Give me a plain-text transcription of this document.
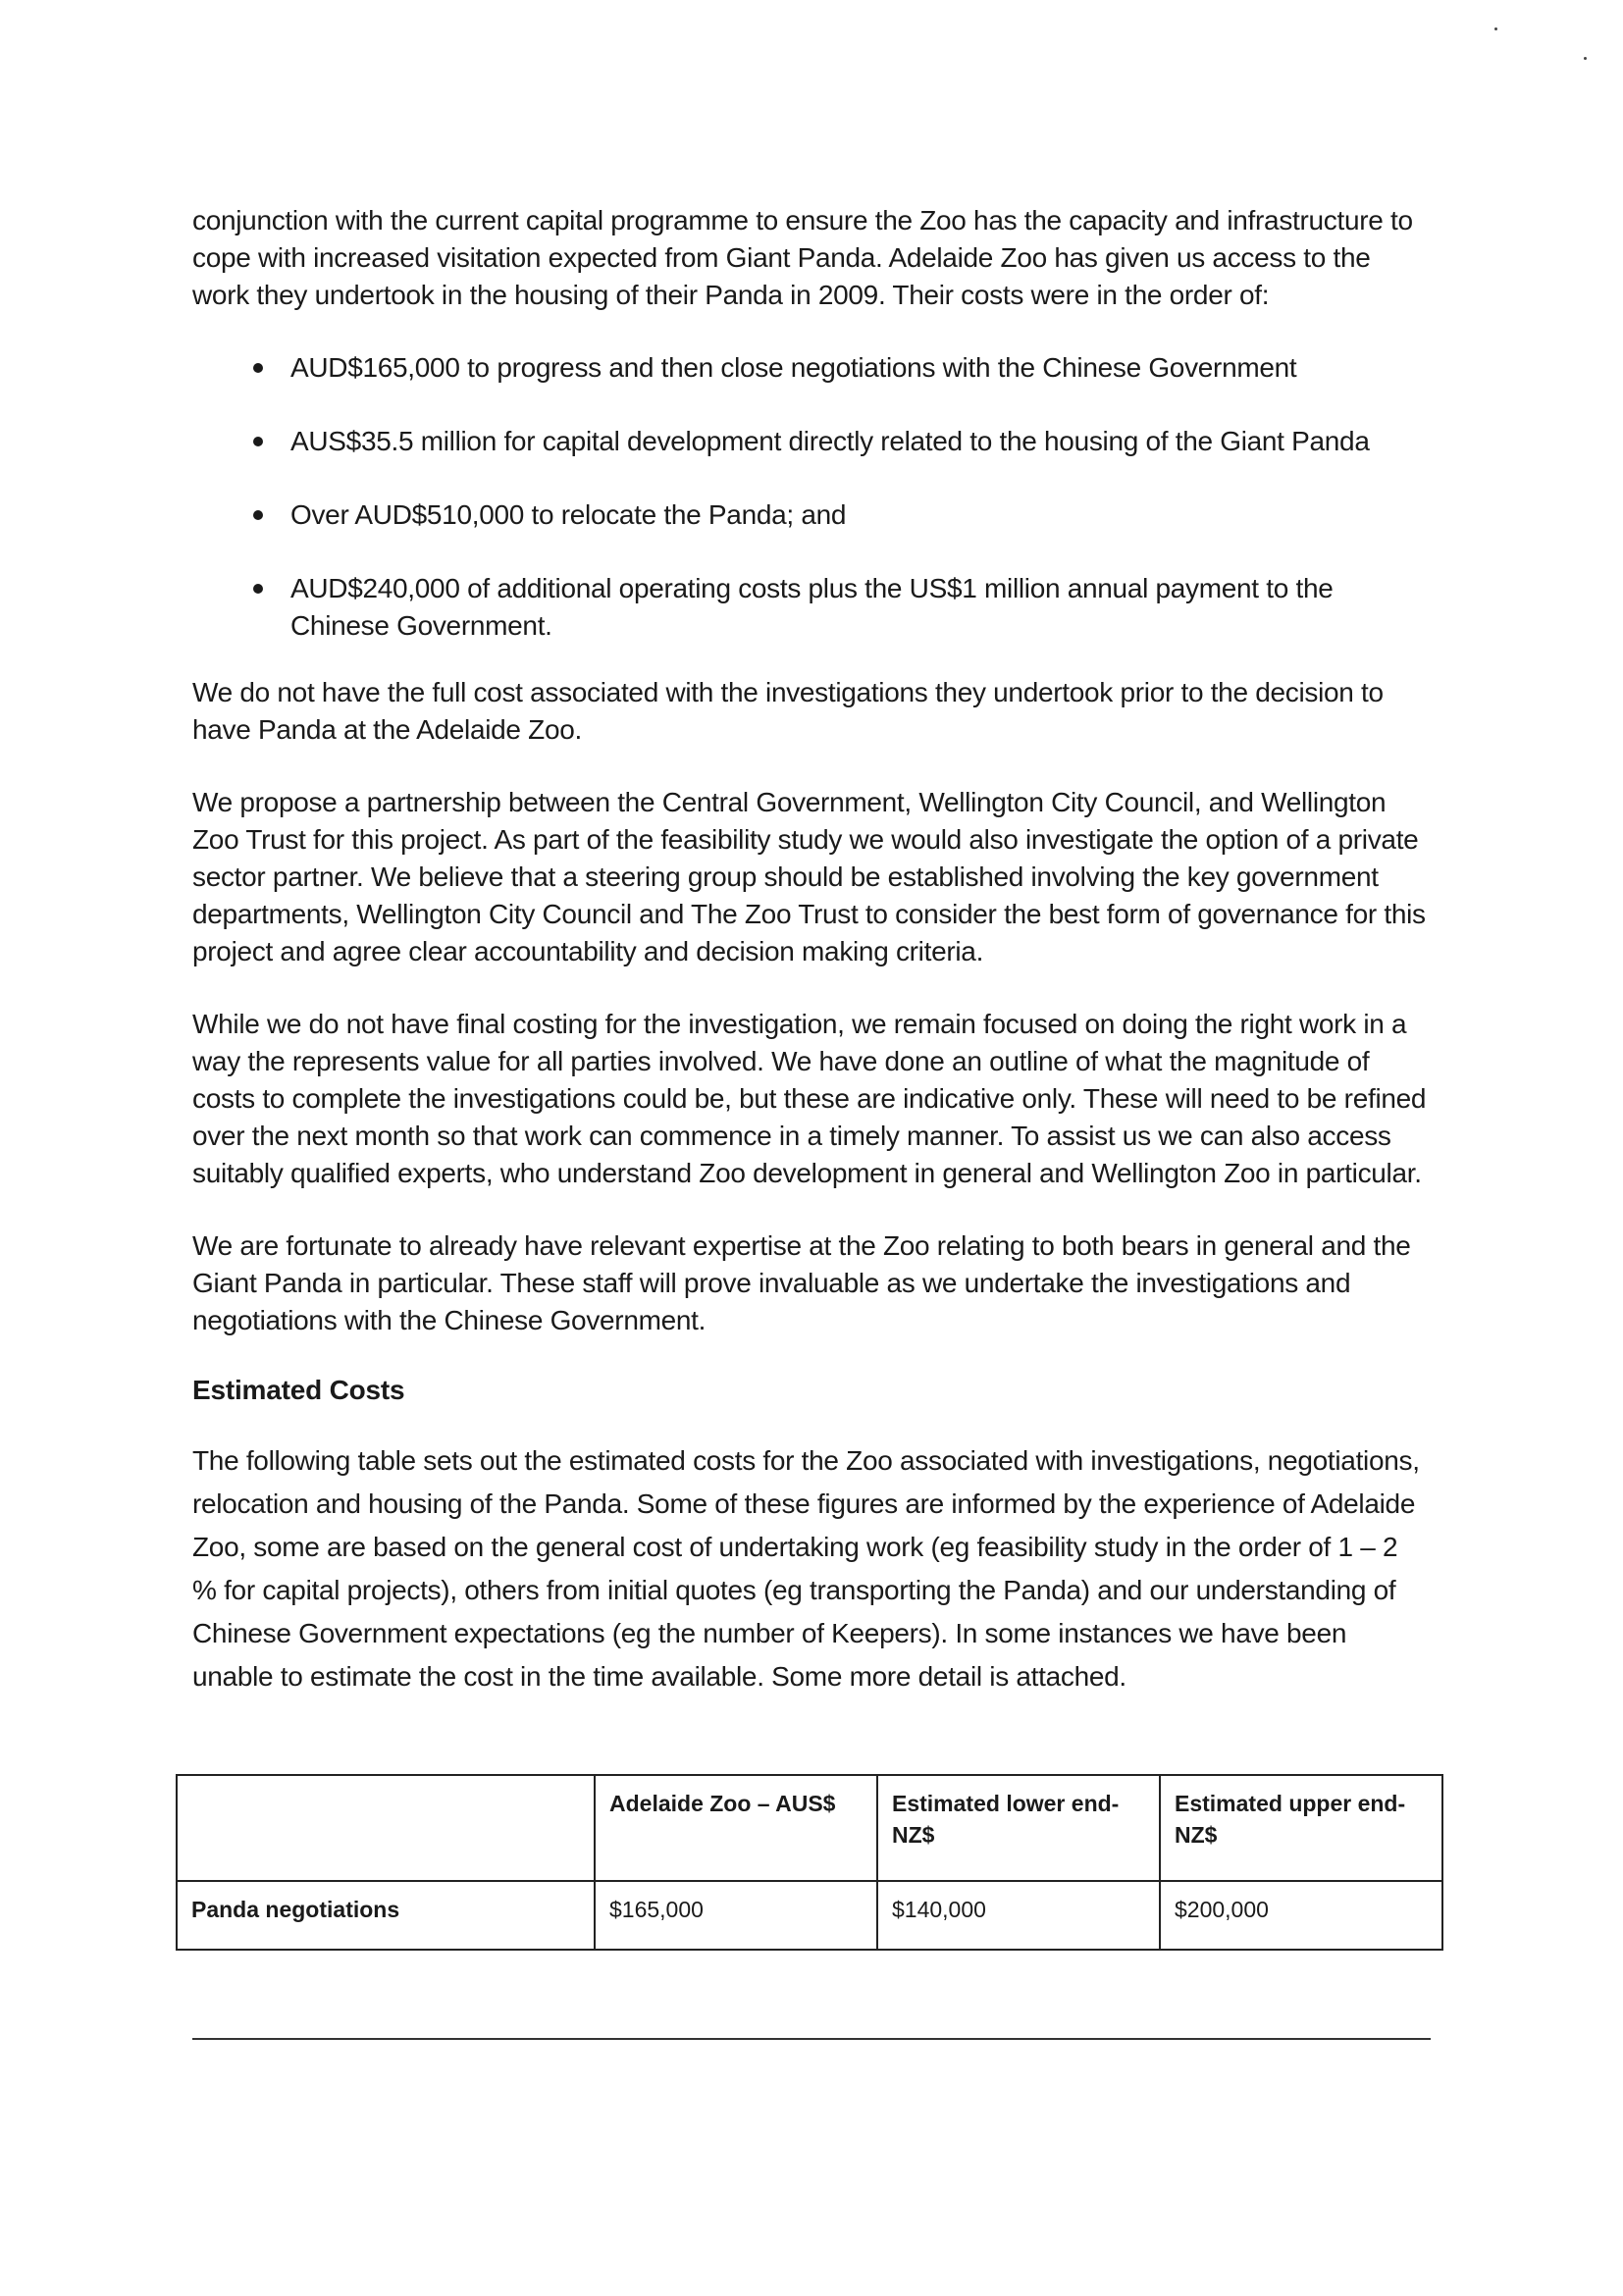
conjunction with the current capital programme to ensure the Zoo has the capacity and infrastructure to cope with increased visitation expected from Giant Panda. Adelaide Zoo has given us access to the work they undertook in the housing of their Panda in 2009. Their costs were in the order of:

AUD$165,000 to progress and then close negotiations with the Chinese Government
AUS$35.5 million for capital development directly related to the housing of the Giant Panda
Over AUD$510,000 to relocate the Panda; and
AUD$240,000 of additional operating costs plus the US$1 million annual payment to the Chinese Government.

We do not have the full cost associated with the investigations they undertook prior to the decision to have Panda at the Adelaide Zoo.

We propose a partnership between the Central Government, Wellington City Council, and Wellington Zoo Trust for this project. As part of the feasibility study we would also investigate the option of a private sector partner. We believe that a steering group should be established involving the key government departments, Wellington City Council and The Zoo Trust to consider the best form of governance for this project and agree clear accountability and decision making criteria.

While we do not have final costing for the investigation, we remain focused on doing the right work in a way the represents value for all parties involved. We have done an outline of what the magnitude of costs to complete the investigations could be, but these are indicative only. These will need to be refined over the next month so that work can commence in a timely manner. To assist us we can also access suitably qualified experts, who understand Zoo development in general and Wellington Zoo in particular.

We are fortunate to already have relevant expertise at the Zoo relating to both bears in general and the Giant Panda in particular. These staff will prove invaluable as we undertake the investigations and negotiations with the Chinese Government.

Estimated Costs

The following table sets out the estimated costs for the Zoo associated with investigations, negotiations, relocation and housing of the Panda. Some of these figures are informed by the experience of Adelaide Zoo, some are based on the general cost of undertaking work (eg feasibility study in the order of 1 – 2 % for capital projects), others from initial quotes (eg transporting the Panda) and our understanding of Chinese Government expectations (eg the number of Keepers). In some instances we have been unable to estimate the cost in the time available. Some more detail is attached.

	Adelaide Zoo – AUS$	Estimated lower end- NZ$	Estimated upper end- NZ$
Panda negotiations	$165,000	$140,000	$200,000
